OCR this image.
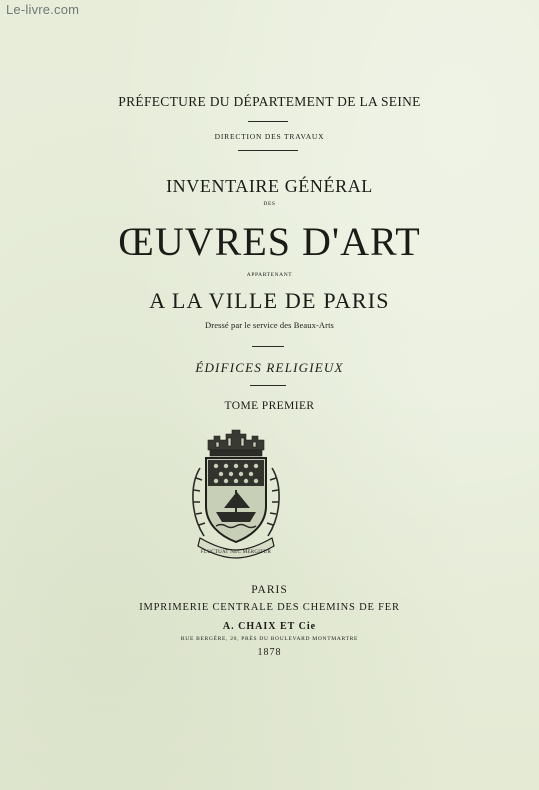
Le-livre.com
PRÉFECTURE DU DÉPARTEMENT DE LA SEINE
DIRECTION DES TRAVAUX
INVENTAIRE GÉNÉRAL
DES
ŒUVRES D'ART
APPARTENANT
A LA VILLE DE PARIS
Dressé par le service des Beaux-Arts
ÉDIFICES RELIGIEUX
TOME PREMIER
FLUCTUAT NEC MERGITUR
PARIS
IMPRIMERIE CENTRALE DES CHEMINS DE FER
A. CHAIX ET Cie
RUE BERGÈRE, 20, PRÈS DU BOULEVARD MONTMARTRE
1878
